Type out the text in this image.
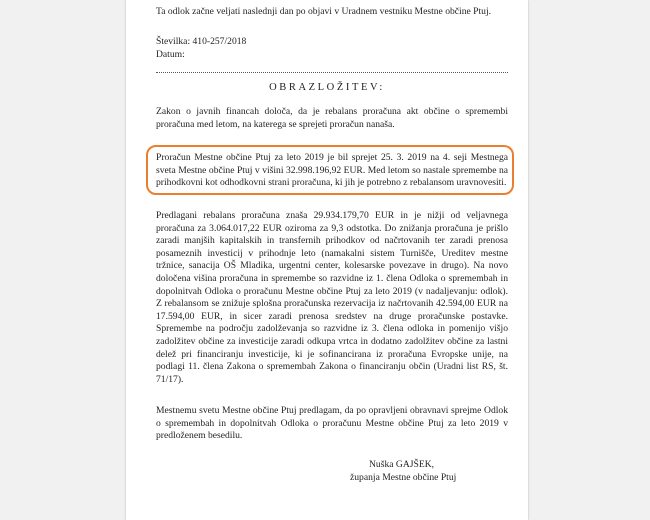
Ta odlok začne veljati naslednji dan po objavi v Uradnem vestniku Mestne občine Ptuj.
Številka: 410-257/2018
Datum:
OBRAZLOŽITEV:
Zakon o javnih financah določa, da je rebalans proračuna akt občine o spremembi proračuna med letom, na katerega se sprejeti proračun nanaša.
Proračun Mestne občine Ptuj za leto 2019 je bil sprejet 25. 3. 2019 na 4. seji Mestnega sveta Mestne občine Ptuj v višini 32.998.196,92 EUR. Med letom so nastale spremembe na prihodkovni kot odhodkovni strani proračuna, ki jih je potrebno z rebalansom uravnovesiti.
Predlagani rebalans proračuna znaša 29.934.179,70 EUR in je nižji od veljavnega proračuna za 3.064.017,22 EUR oziroma za 9,3 odstotka. Do znižanja proračuna je prišlo zaradi manjših kapitalskih in transfernih prihodkov od načrtovanih ter zaradi prenosa posameznih investicij v prihodnje leto (namakalni sistem Turnišče, Ureditev mestne tržnice, sanacija OŠ Mladika, urgentni center, kolesarske povezave in drugo). Na novo določena višina proračuna in spremembe so razvidne iz 1. člena Odloka o spremembah in dopolnitvah Odloka o proračunu Mestne občine Ptuj za leto 2019 (v nadaljevanju: odlok). Z rebalansom se znižuje splošna proračunska rezervacija iz načrtovanih 42.594,00 EUR na 17.594,00 EUR, in sicer zaradi prenosa sredstev na druge proračunske postavke. Spremembe na področju zadolževanja so razvidne iz 3. člena odloka in pomenijo višjo zadolžitev občine za investicije zaradi odkupa vrtca in dodatno zadolžitev občine za lastni delež pri financiranju investicije, ki je sofinancirana iz proračuna Evropske unije, na podlagi 11. člena Zakona o spremembah Zakona o financiranju občin (Uradni list RS, št. 71/17).
Mestnemu svetu Mestne občine Ptuj predlagam, da po opravljeni obravnavi sprejme Odlok o spremembah in dopolnitvah Odloka o proračunu Mestne občine Ptuj za leto 2019 v predloženem besedilu.
Nuška GAJŠEK,
županja Mestne občine Ptuj
